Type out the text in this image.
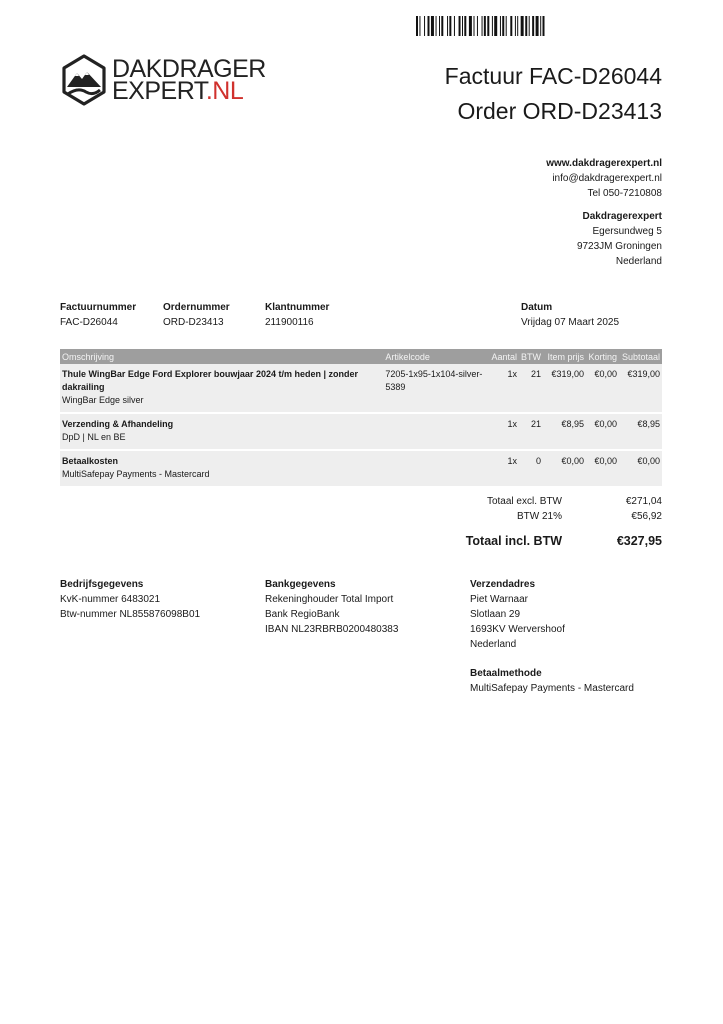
DAKDRAGER
EXPERT.NL
Factuur FAC-D26044
Order ORD-D23413
www.dakdragerexpert.nl
info@dakdragerexpert.nl
Tel 050-7210808
Dakdragerexpert
Egersundweg 5
9723JM Groningen
Nederland
Factuurnummer
FAC-D26044
Ordernummer
ORD-D23413
Klantnummer
211900116
Datum
Vrijdag 07 Maart 2025
Omschrijving	Artikelcode	Aantal	BTW	Item prijs	Korting	Subtotaal

Thule WingBar Edge Ford Explorer bouwjaar 2024 t/m heden | zonder dakrailing
WingBar Edge silver	7205-1x95-1x104-silver-5389	1x	21	€319,00	€0,00	€319,00

Verzending & Afhandeling
DpD | NL en BE		1x	21	€8,95	€0,00	€8,95

Betaalkosten
MultiSafepay Payments - Mastercard		1x	0	€0,00	€0,00	€0,00
Totaal excl. BTW	€271,04
BTW 21%	€56,92
Totaal incl. BTW	€327,95
Bedrijfsgegevens
KvK-nummer 6483021
Btw-nummer NL855876098B01
Bankgegevens
Rekeninghouder Total Import
Bank RegioBank
IBAN NL23RBRB0200480383
Verzendadres
Piet Warnaar
Slotlaan 29
1693KV Wervershoof
Nederland
Betaalmethode
MultiSafepay Payments - Mastercard
